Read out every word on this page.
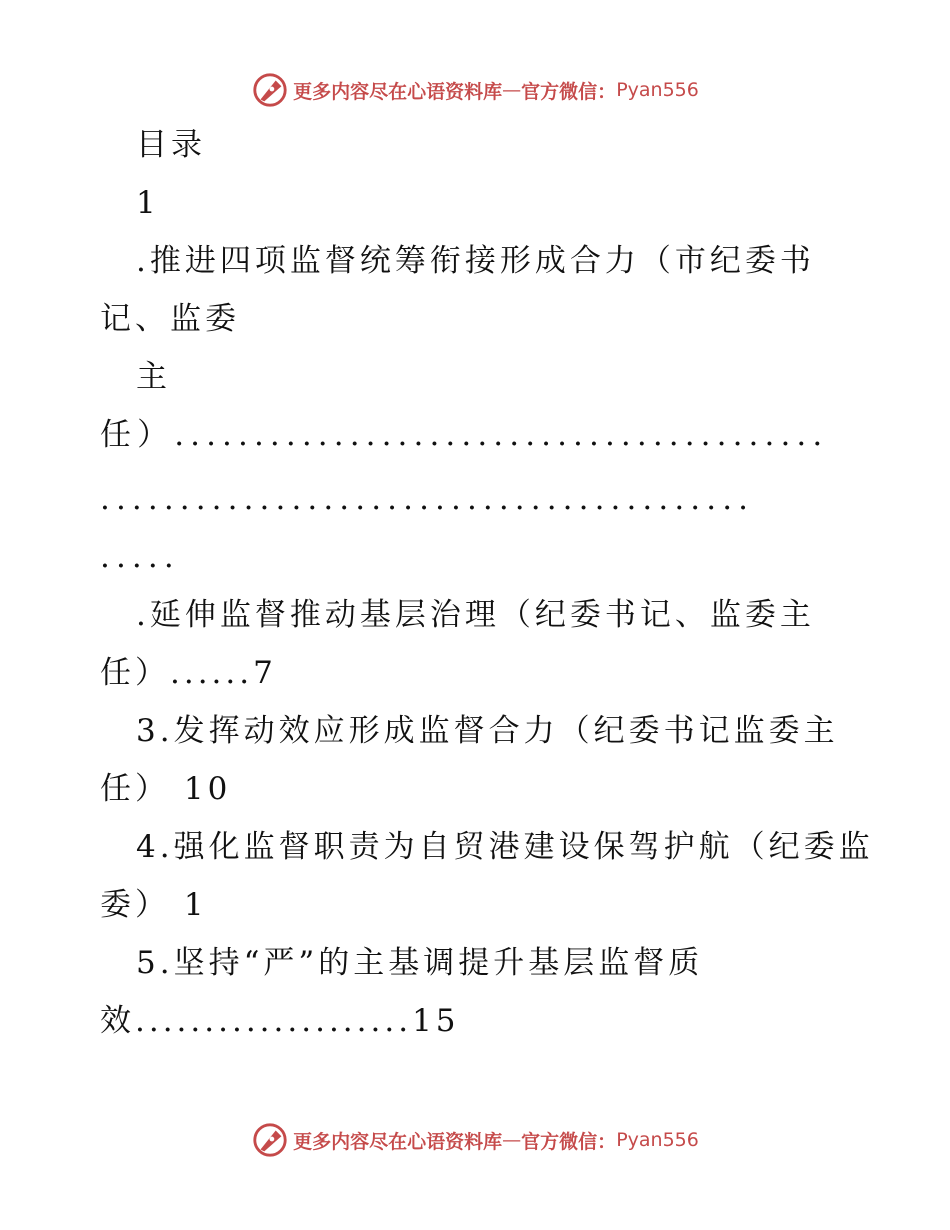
更多内容尽在心语资料库 — 官方微信： Pyan556
目录
1
.推进四项监督统筹衔接形成合力（市纪委书
记、监委
主
任）.........................................
.........................................
.....
.延伸监督推动基层治理（纪委书记、监委主
任）......7
3.发挥动效应形成监督合力（纪委书记监委主
任） 10
4.强化监督职责为自贸港建设保驾护航（纪委监
委） 1
5.坚持“严”的主基调提升基层监督质
效....................15
更多内容尽在心语资料库 — 官方微信： Pyan556
